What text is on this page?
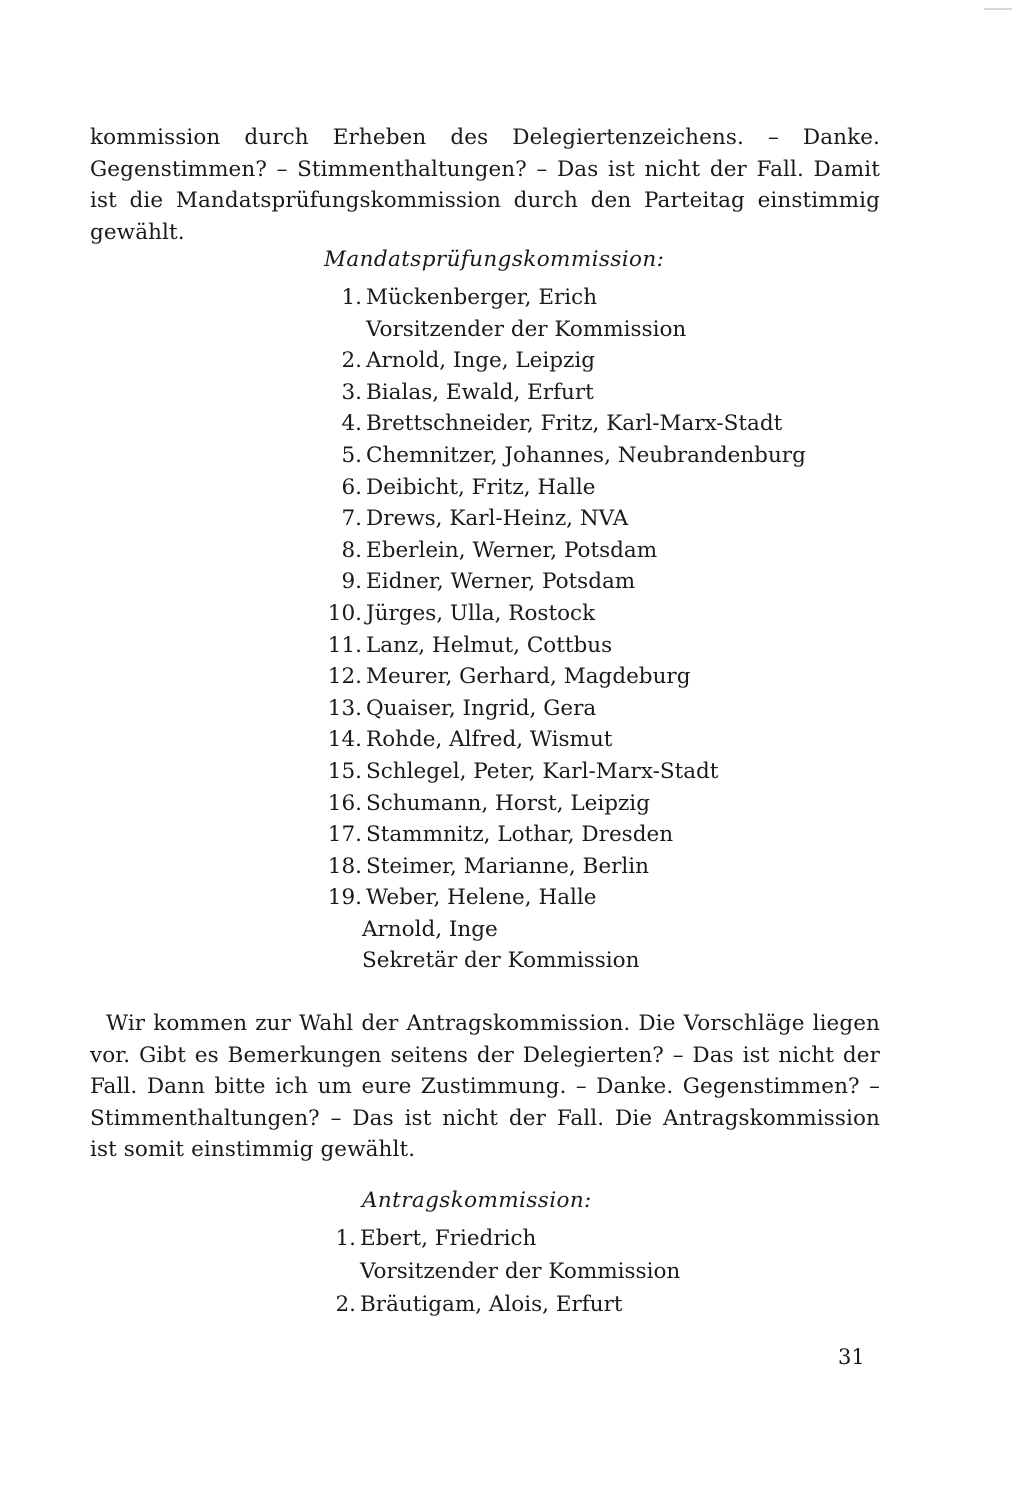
kommission durch Erheben des Delegiertenzeichens. – Danke. Gegenstimmen? – Stimmenthaltungen? – Das ist nicht der Fall. Damit ist die Mandatsprüfungskommission durch den Parteitag einstimmig gewählt.

Mandatsprüfungskommission:
1. Mückenberger, Erich
Vorsitzender der Kommission
2. Arnold, Inge, Leipzig
3. Bialas, Ewald, Erfurt
4. Brettschneider, Fritz, Karl-Marx-Stadt
5. Chemnitzer, Johannes, Neubrandenburg
6. Deibicht, Fritz, Halle
7. Drews, Karl-Heinz, NVA
8. Eberlein, Werner, Potsdam
9. Eidner, Werner, Potsdam
10. Jürges, Ulla, Rostock
11. Lanz, Helmut, Cottbus
12. Meurer, Gerhard, Magdeburg
13. Quaiser, Ingrid, Gera
14. Rohde, Alfred, Wismut
15. Schlegel, Peter, Karl-Marx-Stadt
16. Schumann, Horst, Leipzig
17. Stammnitz, Lothar, Dresden
18. Steimer, Marianne, Berlin
19. Weber, Helene, Halle
Arnold, Inge
Sekretär der Kommission

Wir kommen zur Wahl der Antragskommission. Die Vorschläge liegen vor. Gibt es Bemerkungen seitens der Delegierten? – Das ist nicht der Fall. Dann bitte ich um eure Zustimmung. – Danke. Gegenstimmen? – Stimmenthaltungen? – Das ist nicht der Fall. Die Antragskommission ist somit einstimmig gewählt.

Antragskommission:
1. Ebert, Friedrich
Vorsitzender der Kommission
2. Bräutigam, Alois, Erfurt
31
